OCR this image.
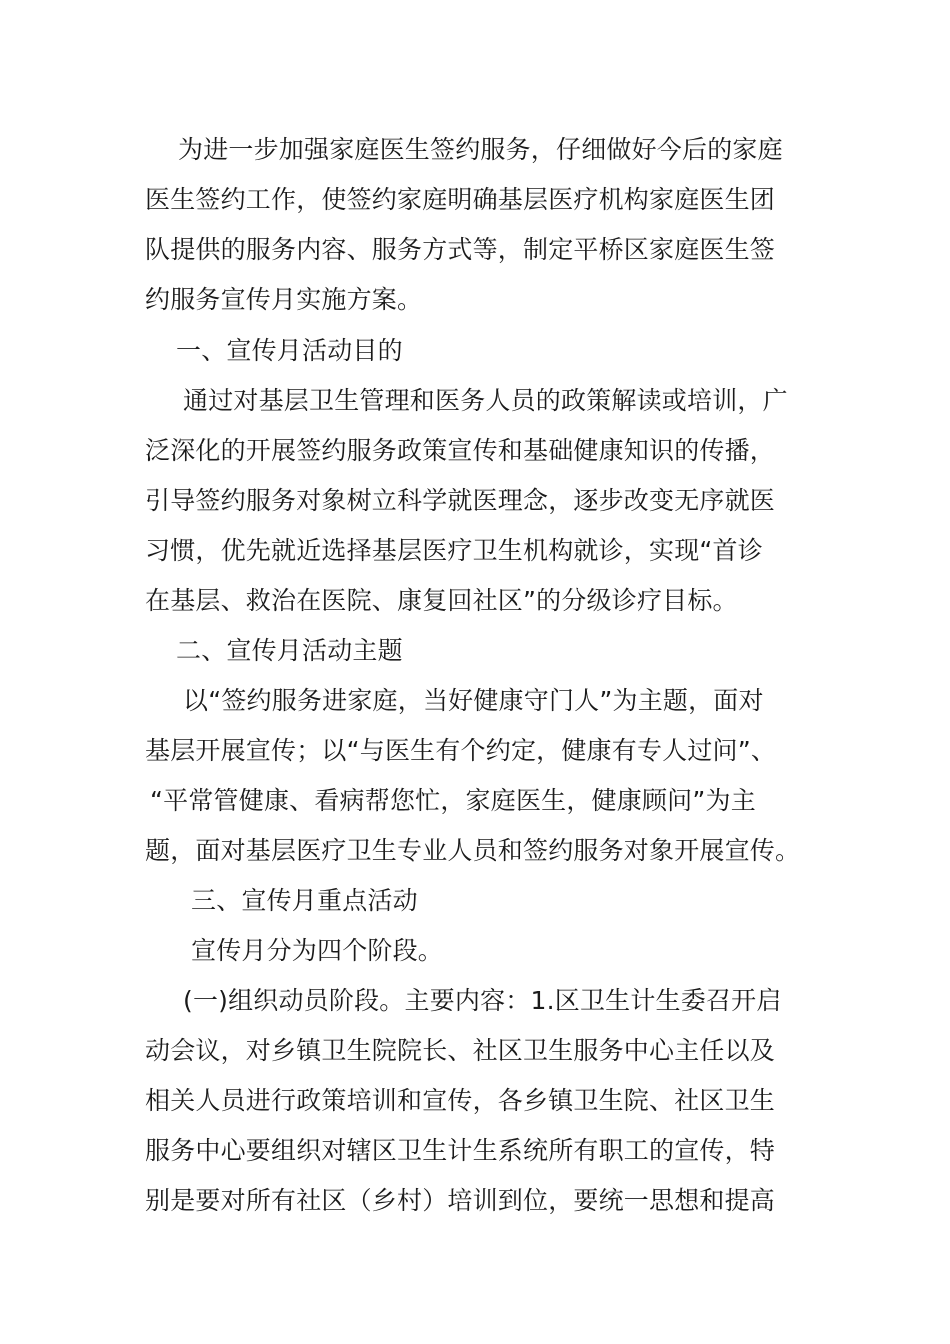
为进一步加强家庭医生签约服务，仔细做好今后的家庭
医生签约工作，使签约家庭明确基层医疗机构家庭医生团
队提供的服务内容、服务方式等，制定平桥区家庭医生签
约服务宣传月实施方案。
一、宣传月活动目的
通过对基层卫生管理和医务人员的政策解读或培训，广
泛深化的开展签约服务政策宣传和基础健康知识的传播，
引导签约服务对象树立科学就医理念，逐步改变无序就医
习惯，优先就近选择基层医疗卫生机构就诊，实现“首诊
在基层、救治在医院、康复回社区”的分级诊疗目标。
二、宣传月活动主题
以“签约服务进家庭，当好健康守门人”为主题，面对
基层开展宣传；以“与医生有个约定，健康有专人过问”、
“平常管健康、看病帮您忙，家庭医生，健康顾问”为主
题，面对基层医疗卫生专业人员和签约服务对象开展宣传。
三、宣传月重点活动
宣传月分为四个阶段。
(一)组织动员阶段。主要内容：1.区卫生计生委召开启
动会议，对乡镇卫生院院长、社区卫生服务中心主任以及
相关人员进行政策培训和宣传，各乡镇卫生院、社区卫生
服务中心要组织对辖区卫生计生系统所有职工的宣传，特
别是要对所有社区（乡村）培训到位，要统一思想和提高
